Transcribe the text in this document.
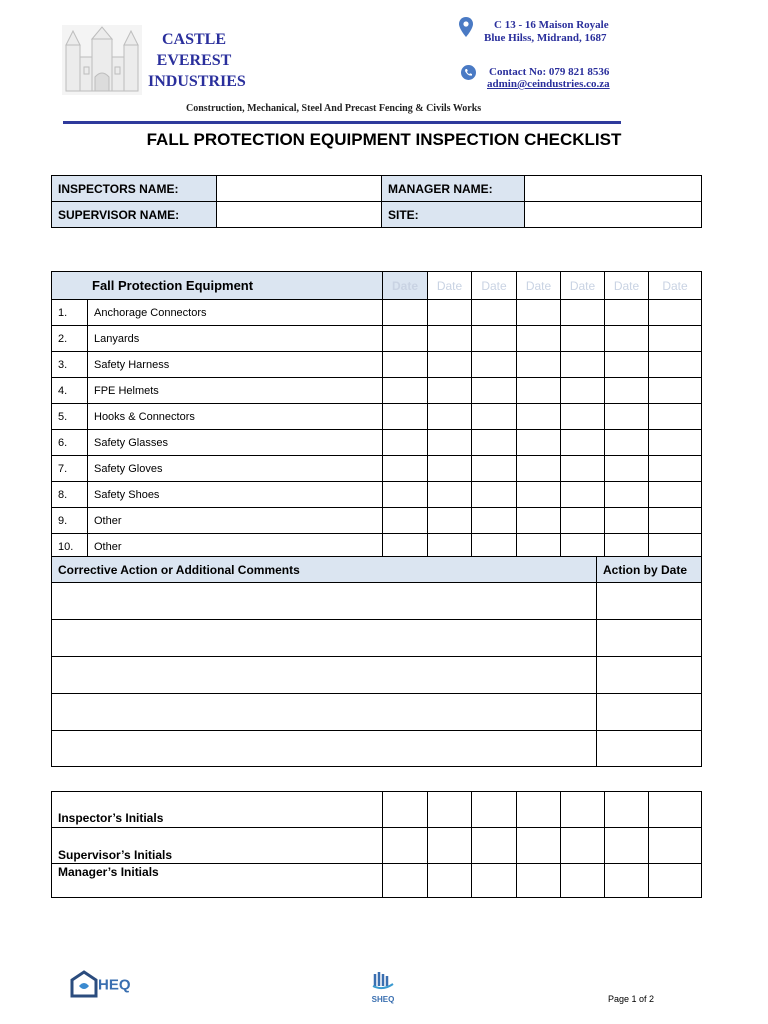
CASTLE
EVEREST
INDUSTRIES
C 13 - 16 Maison Royale
Blue Hilss, Midrand, 1687
Contact No: 079 821 8536
admin@ceindustries.co.za
Construction, Mechanical, Steel And Precast Fencing & Civils Works
FALL PROTECTION EQUIPMENT INSPECTION CHECKLIST
INSPECTORS NAME:		MANAGER NAME:	
SUPERVISOR NAME:		SITE:	
Fall Protection Equipment		Date	Date	Date	Date	Date	Date	Date
1.	Anchorage Connectors							
2.	Lanyards							
3.	Safety Harness							
4.	FPE Helmets							
5.	Hooks & Connectors							
6.	Safety Glasses							
7.	Safety Gloves							
8.	Safety Shoes							
9.	Other							
10.	Other							
Corrective Action or Additional Comments	Action by Date

Inspector’s Initials							
Supervisor’s Initials							
Manager’s Initials							
HEQ
SHEQ	Page 1 of 2
